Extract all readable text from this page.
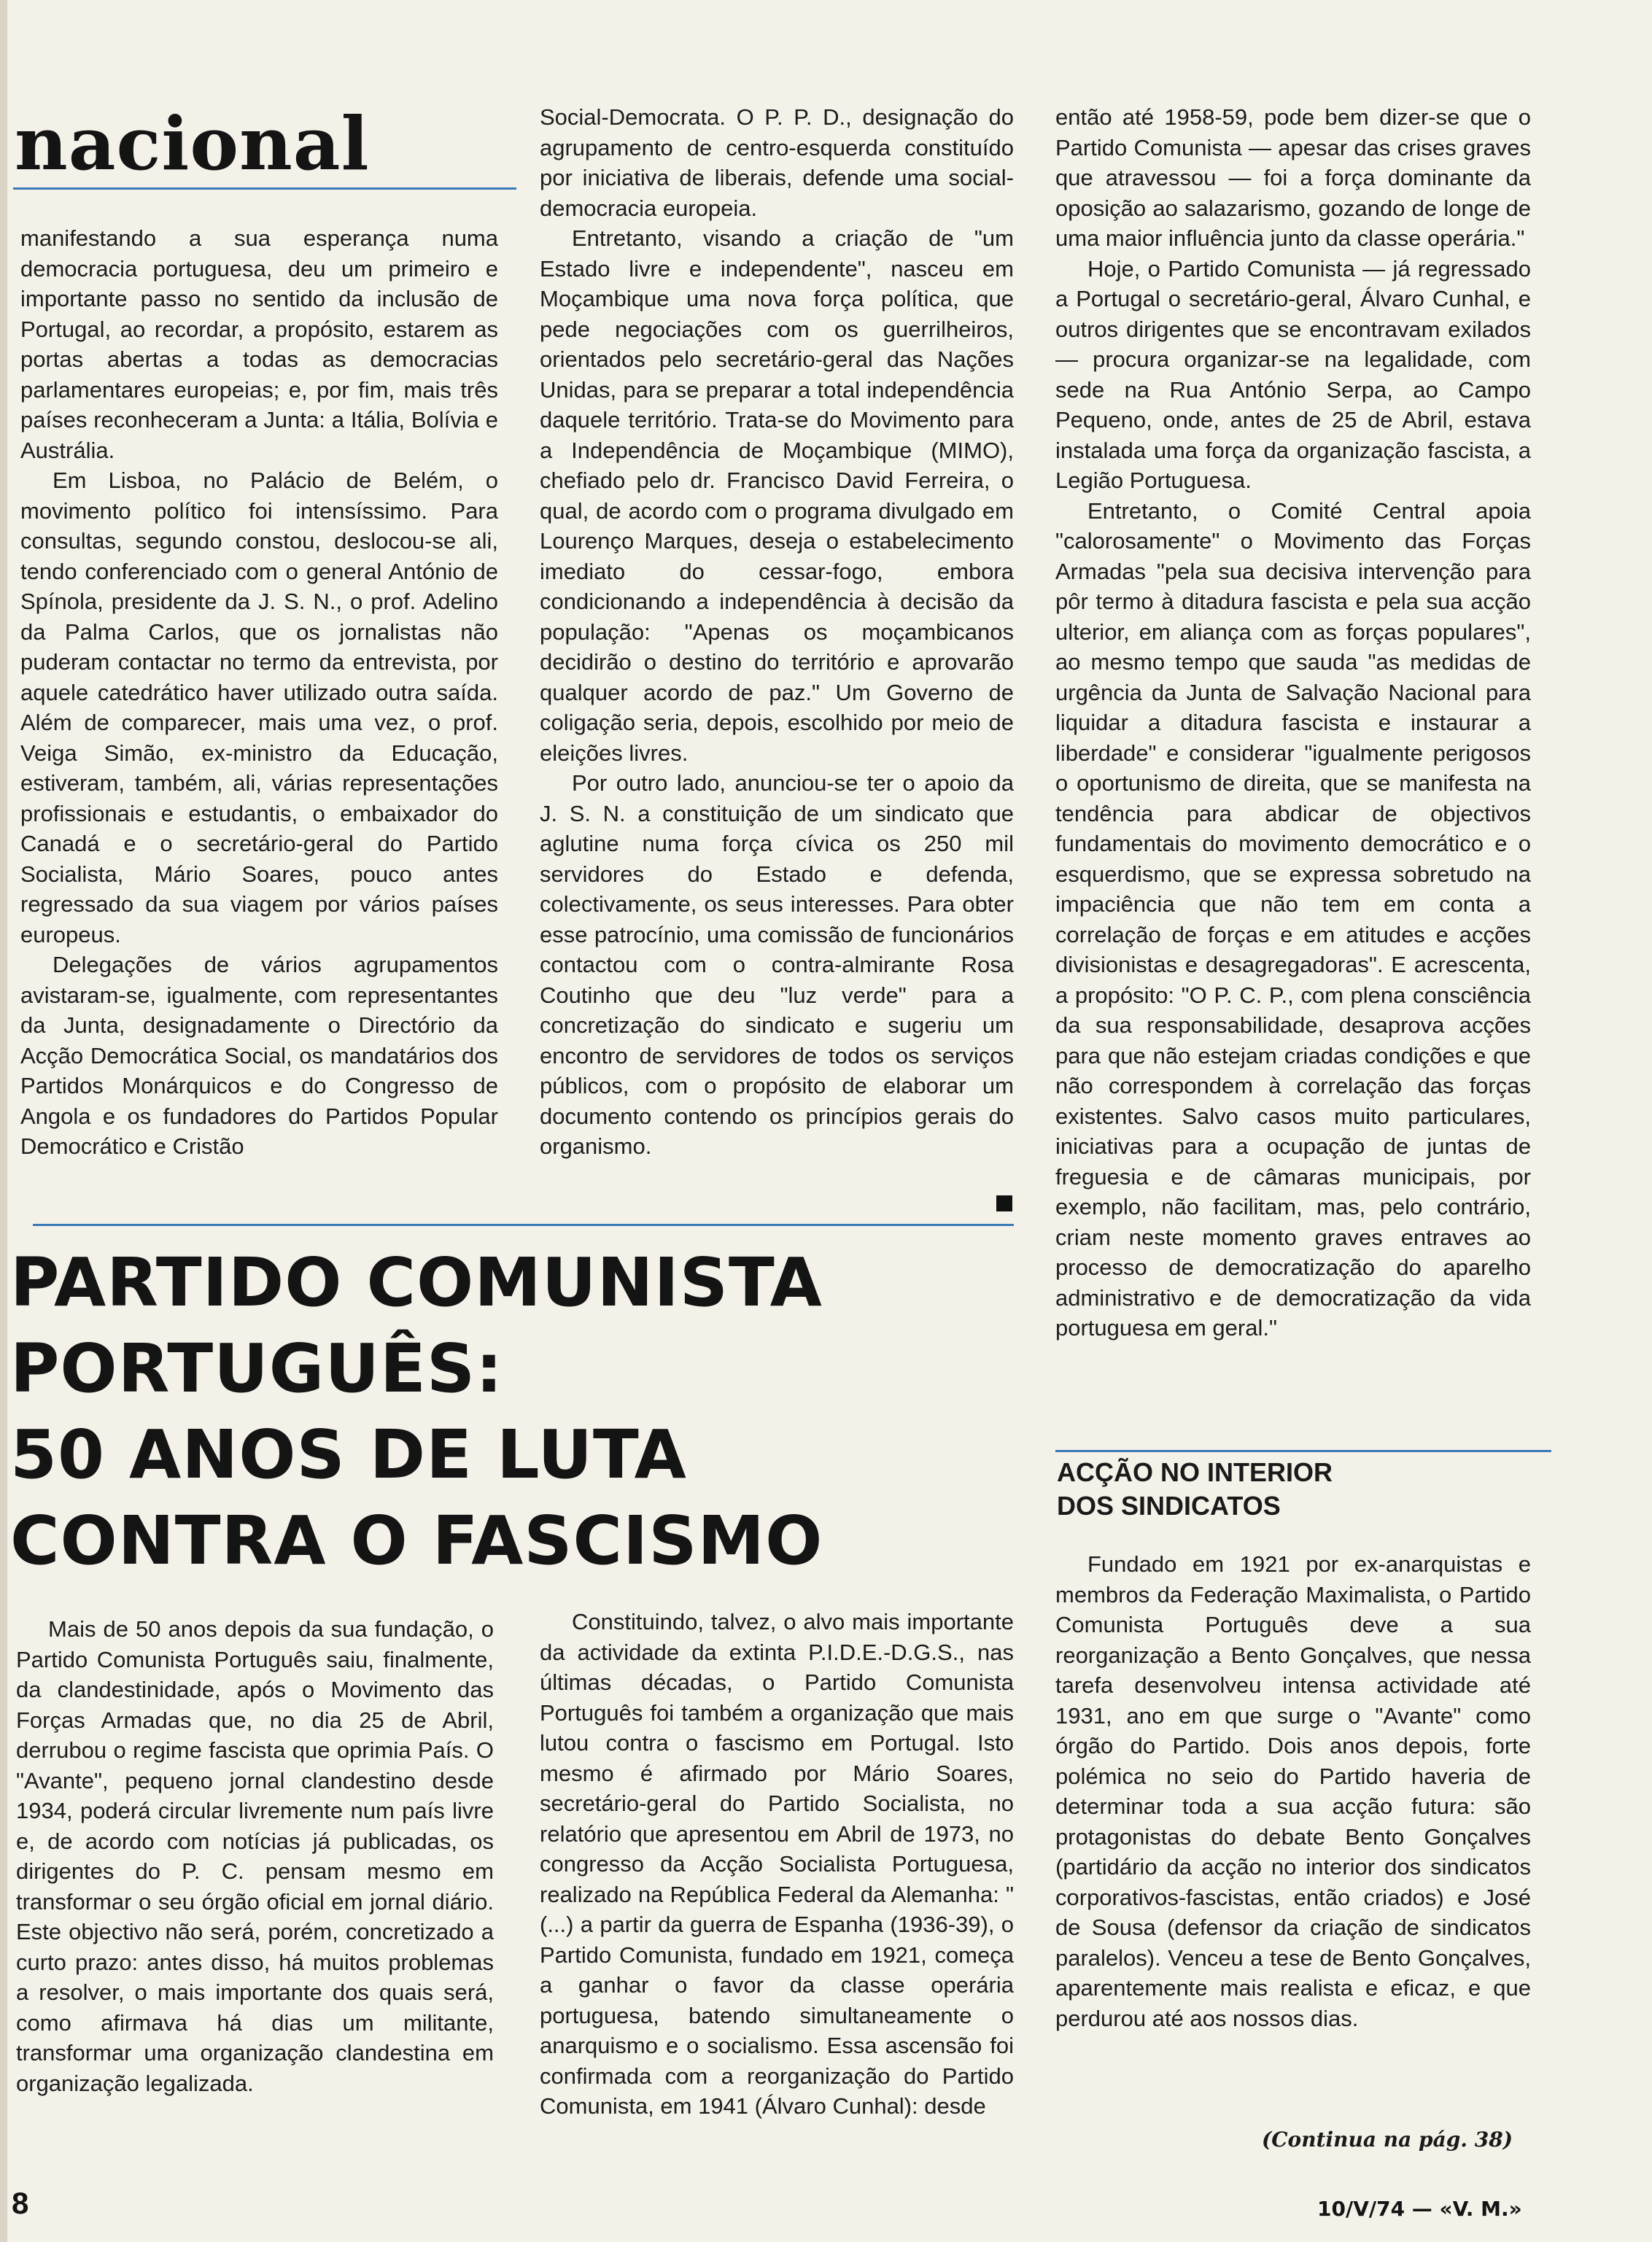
nacional

manifestando a sua esperança numa democracia portuguesa, deu um primeiro e importante passo no sentido da inclusão de Portugal, ao recordar, a propósito, estarem as portas abertas a todas as democracias parlamentares europeias; e, por fim, mais três países reconheceram a Junta: a Itália, Bolívia e Austrália.

Em Lisboa, no Palácio de Belém, o movimento político foi intensíssimo. Para consultas, segundo constou, deslocou-se ali, tendo conferenciado com o general António de Spínola, presidente da J. S. N., o prof. Adelino da Palma Carlos, que os jornalistas não puderam contactar no termo da entrevista, por aquele catedrático haver utilizado outra saída. Além de comparecer, mais uma vez, o prof. Veiga Simão, ex-ministro da Educação, estiveram, também, ali, várias representações profissionais e estudantis, o embaixador do Canadá e o secretário-geral do Partido Socialista, Mário Soares, pouco antes regressado da sua viagem por vários países europeus.

Delegações de vários agrupamentos avistaram-se, igualmente, com representantes da Junta, designadamente o Directório da Acção Democrática Social, os mandatários dos Partidos Monárquicos e do Congresso de Angola e os fundadores do Partidos Popular Democrático e Cristão

Social-Democrata. O P. P. D., designação do agrupamento de centro-esquerda constituído por iniciativa de liberais, defende uma social-democracia europeia.

Entretanto, visando a criação de "um Estado livre e independente", nasceu em Moçambique uma nova força política, que pede negociações com os guerrilheiros, orientados pelo secretário-geral das Nações Unidas, para se preparar a total independência daquele território. Trata-se do Movimento para a Independência de Moçambique (MIMO), chefiado pelo dr. Francisco David Ferreira, o qual, de acordo com o programa divulgado em Lourenço Marques, deseja o estabelecimento imediato do cessar-fogo, embora condicionando a independência à decisão da população: "Apenas os moçambicanos decidirão o destino do território e aprovarão qualquer acordo de paz." Um Governo de coligação seria, depois, escolhido por meio de eleições livres.

Por outro lado, anunciou-se ter o apoio da J. S. N. a constituição de um sindicato que aglutine numa força cívica os 250 mil servidores do Estado e defenda, colectivamente, os seus interesses. Para obter esse patrocínio, uma comissão de funcionários contactou com o contra-almirante Rosa Coutinho que deu "luz verde" para a concretização do sindicato e sugeriu um encontro de servidores de todos os serviços públicos, com o propósito de elaborar um documento contendo os princípios gerais do organismo.

então até 1958-59, pode bem dizer-se que o Partido Comunista — apesar das crises graves que atravessou — foi a força dominante da oposição ao salazarismo, gozando de longe de uma maior influência junto da classe operária."

Hoje, o Partido Comunista — já regressado a Portugal o secretário-geral, Álvaro Cunhal, e outros dirigentes que se encontravam exilados — procura organizar-se na legalidade, com sede na Rua António Serpa, ao Campo Pequeno, onde, antes de 25 de Abril, estava instalada uma força da organização fascista, a Legião Portuguesa.

Entretanto, o Comité Central apoia "calorosamente" o Movimento das Forças Armadas "pela sua decisiva intervenção para pôr termo à ditadura fascista e pela sua acção ulterior, em aliança com as forças populares", ao mesmo tempo que sauda "as medidas de urgência da Junta de Salvação Nacional para liquidar a ditadura fascista e instaurar a liberdade" e considerar "igualmente perigosos o oportunismo de direita, que se manifesta na tendência para abdicar de objectivos fundamentais do movimento democrático e o esquerdismo, que se expressa sobretudo na impaciência que não tem em conta a correlação de forças e em atitudes e acções divisionistas e desagregadoras". E acrescenta, a propósito: "O P. C. P., com plena consciência da sua responsabilidade, desaprova acções para que não estejam criadas condições e que não correspondem à correlação das forças existentes. Salvo casos muito particulares, iniciativas para a ocupação de juntas de freguesia e de câmaras municipais, por exemplo, não facilitam, mas, pelo contrário, criam neste momento graves entraves ao processo de democratização do aparelho administrativo e de democratização da vida portuguesa em geral."

PARTIDO COMUNISTA
PORTUGUÊS:
50 ANOS DE LUTA
CONTRA O FASCISMO
ACÇÃO NO INTERIOR
DOS SINDICATOS

Mais de 50 anos depois da sua fundação, o Partido Comunista Português saiu, finalmente, da clandestinidade, após o Movimento das Forças Armadas que, no dia 25 de Abril, derrubou o regime fascista que oprimia País. O "Avante", pequeno jornal clandestino desde 1934, poderá circular livremente num país livre e, de acordo com notícias já publicadas, os dirigentes do P. C. pensam mesmo em transformar o seu órgão oficial em jornal diário. Este objectivo não será, porém, concretizado a curto prazo: antes disso, há muitos problemas a resolver, o mais importante dos quais será, como afirmava há dias um militante, transformar uma organização clandestina em organização legalizada.

Constituindo, talvez, o alvo mais importante da actividade da extinta P.I.D.E.-D.G.S., nas últimas décadas, o Partido Comunista Português foi também a organização que mais lutou contra o fascismo em Portugal. Isto mesmo é afirmado por Mário Soares, secretário-geral do Partido Socialista, no relatório que apresentou em Abril de 1973, no congresso da Acção Socialista Portuguesa, realizado na República Federal da Alemanha: "(...) a partir da guerra de Espanha (1936-39), o Partido Comunista, fundado em 1921, começa a ganhar o favor da classe operária portuguesa, batendo simultaneamente o anarquismo e o socialismo. Essa ascensão foi confirmada com a reorganização do Partido Comunista, em 1941 (Álvaro Cunhal): desde

Fundado em 1921 por ex-anarquistas e membros da Federação Maximalista, o Partido Comunista Português deve a sua reorganização a Bento Gonçalves, que nessa tarefa desenvolveu intensa actividade até 1931, ano em que surge o "Avante" como órgão do Partido. Dois anos depois, forte polémica no seio do Partido haveria de determinar toda a sua acção futura: são protagonistas do debate Bento Gonçalves (partidário da acção no interior dos sindicatos corporativos-fascistas, então criados) e José de Sousa (defensor da criação de sindicatos paralelos). Venceu a tese de Bento Gonçalves, aparentemente mais realista e eficaz, e que perdurou até aos nossos dias.

(Continua na pág. 38)
8	10/V/74 — «V. M.»
